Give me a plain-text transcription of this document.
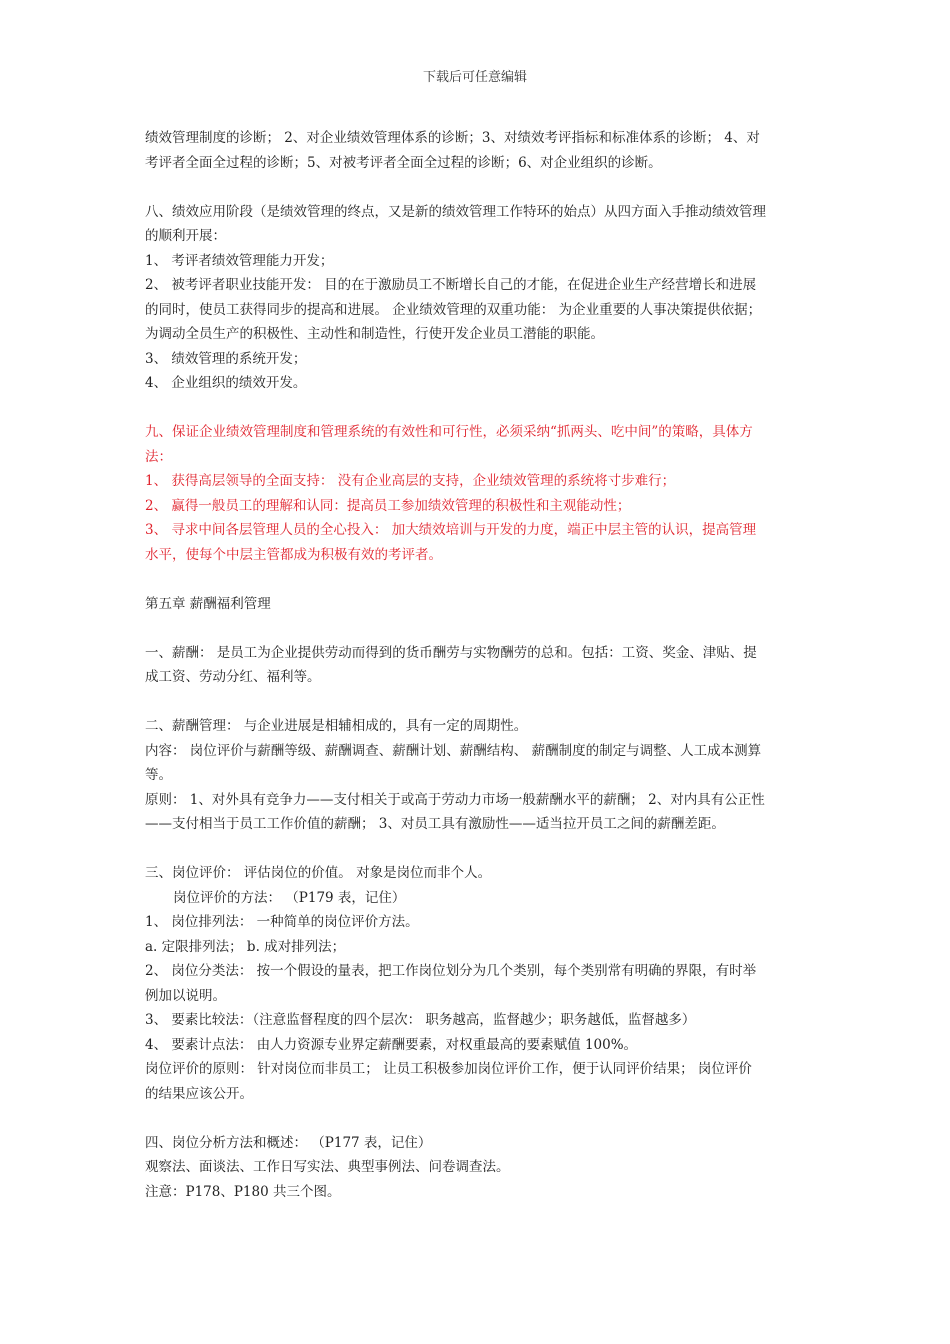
下载后可任意编辑

绩效管理制度的诊断； 2、对企业绩效管理体系的诊断；3、对绩效考评指标和标准体系的诊断； 4、对

考评者全面全过程的诊断；5、对被考评者全面全过程的诊断；6、对企业组织的诊断。

八、绩效应用阶段（是绩效管理的终点，又是新的绩效管理工作特环的始点）从四方面入手推动绩效管理

的顺利开展：

1、 考评者绩效管理能力开发；

2、 被考评者职业技能开发： 目的在于激励员工不断增长自己的才能，在促进企业生产经营增长和进展

的同时，使员工获得同步的提高和进展。 企业绩效管理的双重功能： 为企业重要的人事决策提供依据；

为调动全员生产的积极性、主动性和制造性，行使开发企业员工潜能的职能。

3、 绩效管理的系统开发；

4、 企业组织的绩效开发。

九、保证企业绩效管理制度和管理系统的有效性和可行性，必须采纳“抓两头、吃中间”的策略，具体方

法：

1、 获得高层领导的全面支持： 没有企业高层的支持，企业绩效管理的系统将寸步难行；

2、 赢得一般员工的理解和认同：提高员工参加绩效管理的积极性和主观能动性；

3、 寻求中间各层管理人员的全心投入： 加大绩效培训与开发的力度，端正中层主管的认识，提高管理

水平，使每个中层主管都成为积极有效的考评者。

第五章 薪酬福利管理

一、薪酬： 是员工为企业提供劳动而得到的货币酬劳与实物酬劳的总和。包括：工资、奖金、津贴、提

成工资、劳动分红、福利等。

二、薪酬管理： 与企业进展是相辅相成的，具有一定的周期性。

内容： 岗位评价与薪酬等级、薪酬调查、薪酬计划、薪酬结构、 薪酬制度的制定与调整、人工成本测算

等。

原则： 1、对外具有竞争力——支付相关于或高于劳动力市场一般薪酬水平的薪酬； 2、对内具有公正性

——支付相当于员工工作价值的薪酬； 3、对员工具有激励性——适当拉开员工之间的薪酬差距。

三、岗位评价： 评估岗位的价值。 对象是岗位而非个人。

岗位评价的方法： （P179 表，记住）

1、 岗位排列法： 一种简单的岗位评价方法。

a. 定限排列法； b. 成对排列法；

2、 岗位分类法： 按一个假设的量表，把工作岗位划分为几个类别，每个类别常有明确的界限，有时举

例加以说明。

3、 要素比较法：（注意监督程度的四个层次： 职务越高，监督越少；职务越低，监督越多）

4、 要素计点法： 由人力资源专业界定薪酬要素，对权重最高的要素赋值 100%。

岗位评价的原则： 针对岗位而非员工； 让员工积极参加岗位评价工作，便于认同评价结果； 岗位评价

的结果应该公开。

四、岗位分析方法和概述： （P177 表，记住）

观察法、面谈法、工作日写实法、典型事例法、问卷调查法。

注意：P178、P180 共三个图。
